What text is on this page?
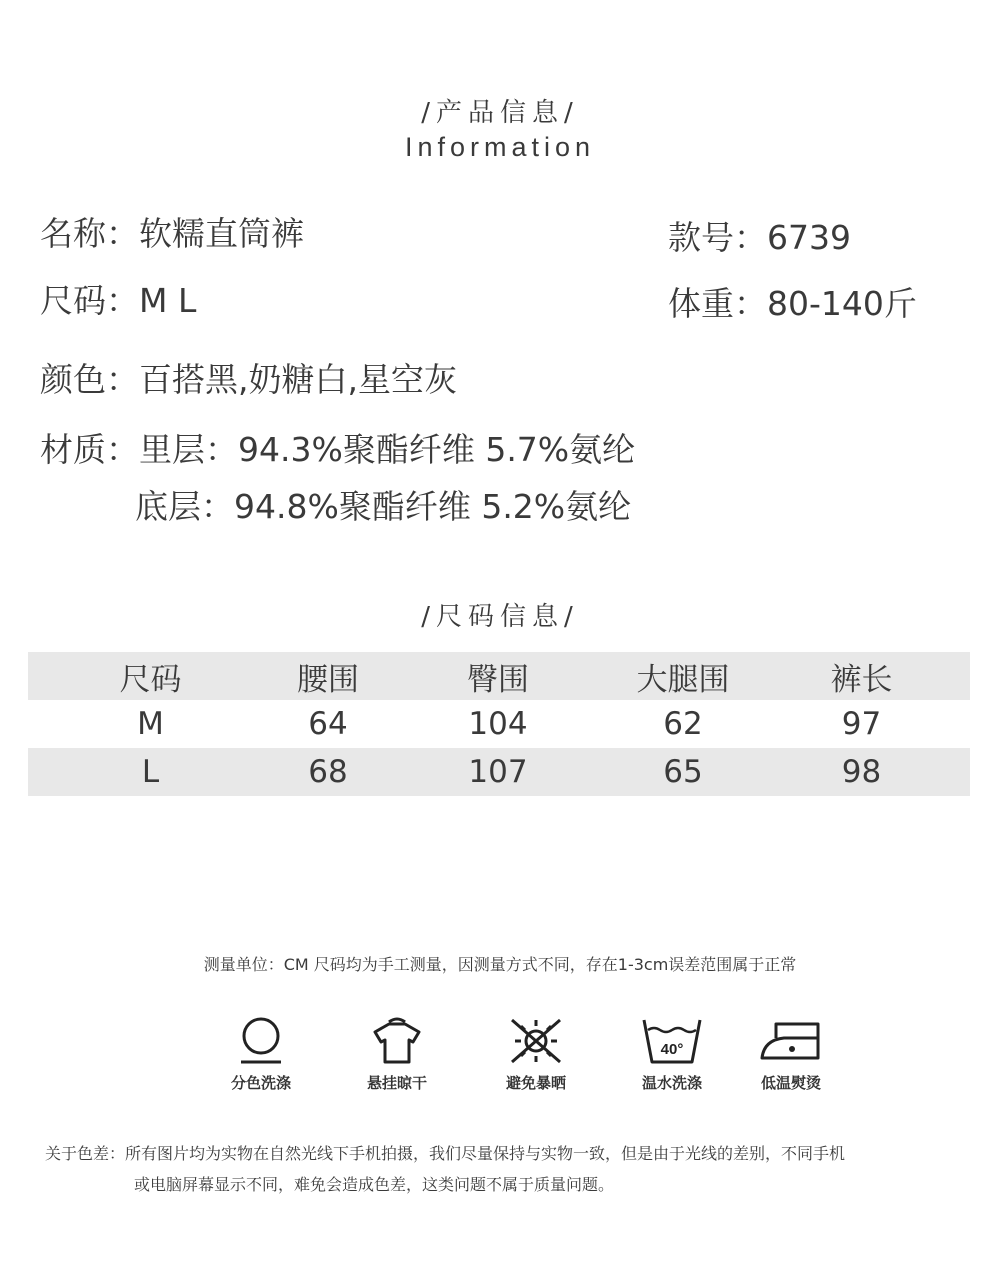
/产品信息/
Information
名称：软糯直筒裤	款号：6739
尺码：M L	体重：80-140斤
颜色：百搭黑,奶糖白,星空灰
材质：里层：94.3%聚酯纤维 5.7%氨纶
底层：94.8%聚酯纤维 5.2%氨纶
/尺码信息/
尺码	腰围	臀围	大腿围	裤长
M	64	104	62	97
L	68	107	65	98
测量单位：CM 尺码均为手工测量，因测量方式不同，存在1-3cm误差范围属于正常
分色洗涤	悬挂晾干	避免暴晒
40°
温水洗涤	低温熨烫
关于色差：所有图片均为实物在自然光线下手机拍摄，我们尽量保持与实物一致，但是由于光线的差别，不同手机
或电脑屏幕显示不同，难免会造成色差，这类问题不属于质量问题。
